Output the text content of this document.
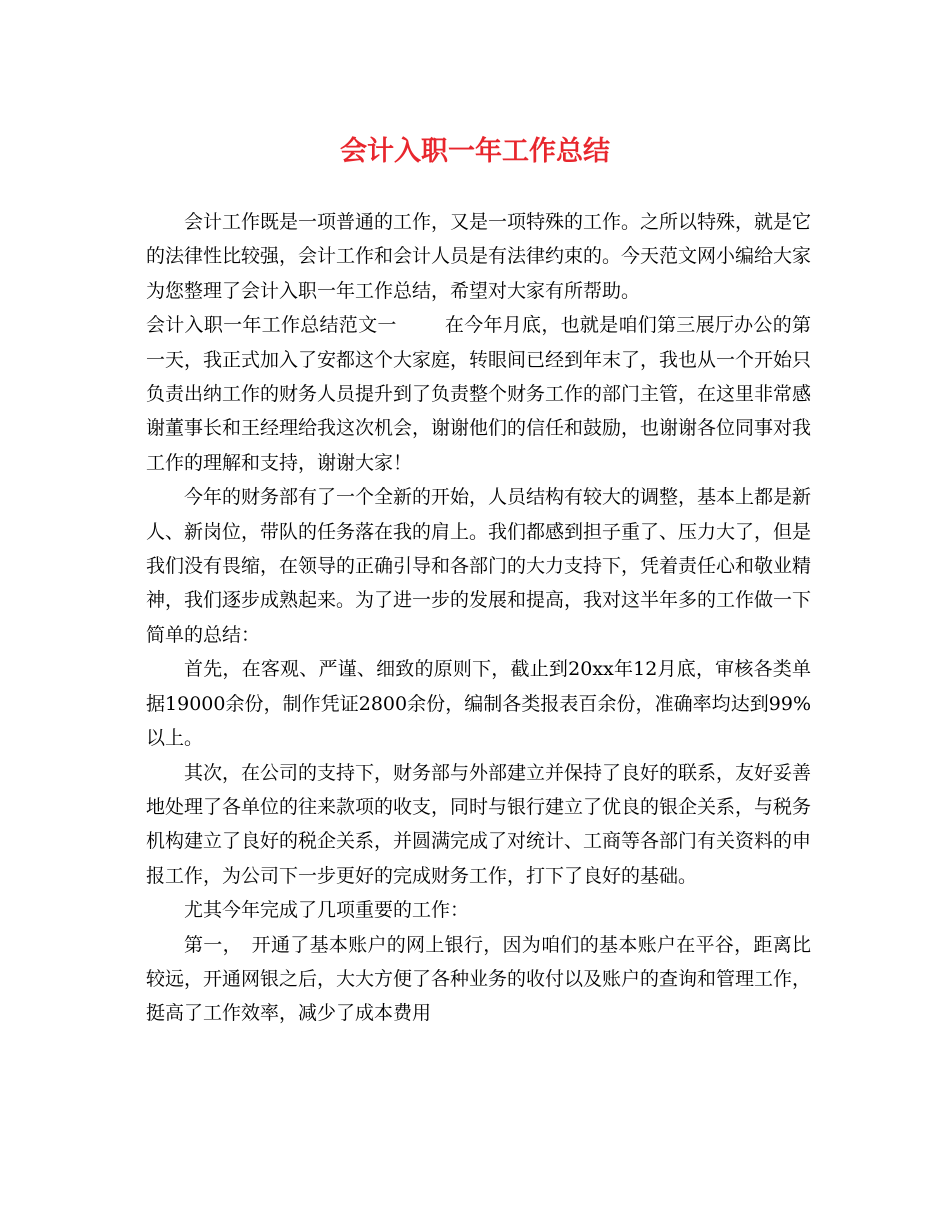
会计入职一年工作总结

会计工作既是一项普通的工作，又是一项特殊的工作。之所以特殊，就是它的法律性比较强，会计工作和会计人员是有法律约束的。今天范文网小编给大家为您整理了会计入职一年工作总结，希望对大家有所帮助。

会计入职一年工作总结范文一	在今年月底，也就是咱们第三展厅办公的第一天，我正式加入了安都这个大家庭，转眼间已经到年末了，我也从一个开始只负责出纳工作的财务人员提升到了负责整个财务工作的部门主管，在这里非常感谢董事长和王经理给我这次机会，谢谢他们的信任和鼓励，也谢谢各位同事对我工作的理解和支持，谢谢大家！

今年的财务部有了一个全新的开始，人员结构有较大的调整，基本上都是新人、新岗位，带队的任务落在我的肩上。我们都感到担子重了、压力大了，但是我们没有畏缩，在领导的正确引导和各部门的大力支持下，凭着责任心和敬业精神，我们逐步成熟起来。为了进一步的发展和提高，我对这半年多的工作做一下简单的总结：

首先，在客观、严谨、细致的原则下，截止到20xx年12月底，审核各类单据19000余份，制作凭证2800余份，编制各类报表百余份，准确率均达到99%以上。

其次，在公司的支持下，财务部与外部建立并保持了良好的联系，友好妥善地处理了各单位的往来款项的收支，同时与银行建立了优良的银企关系，与税务机构建立了良好的税企关系，并圆满完成了对统计、工商等各部门有关资料的申报工作，为公司下一步更好的完成财务工作，打下了良好的基础。

尤其今年完成了几项重要的工作：

第一，　开通了基本账户的网上银行，因为咱们的基本账户在平谷，距离比较远，开通网银之后，大大方便了各种业务的收付以及账户的查询和管理工作，挺高了工作效率，减少了成本费用
